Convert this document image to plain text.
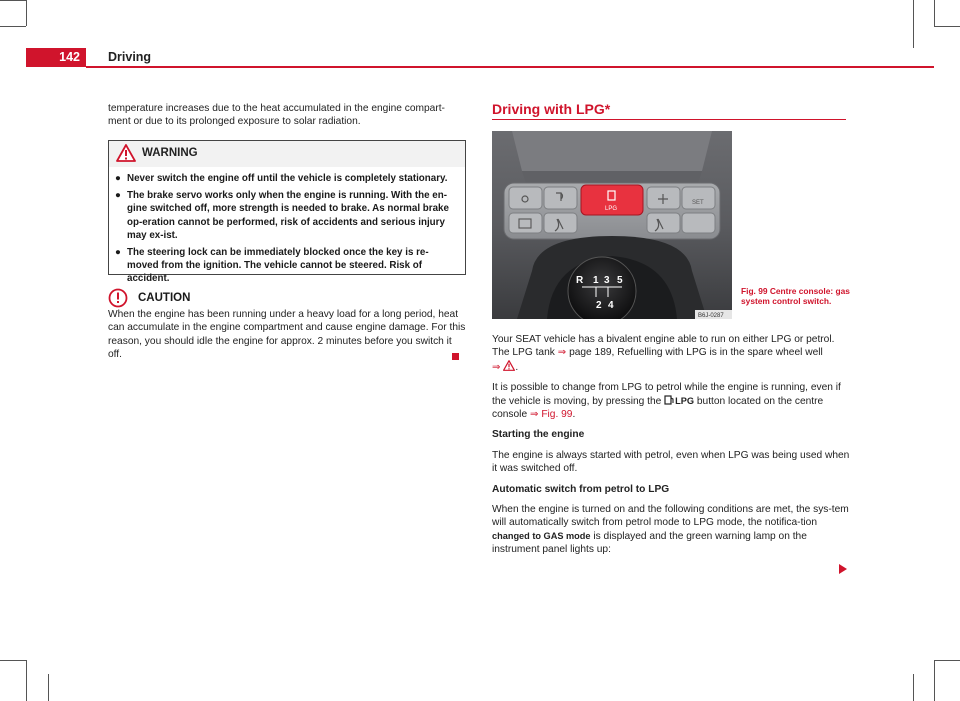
142 Driving

temperature increases due to the heat accumulated in the engine compart-ment or due to its prolonged exposure to solar radiation.

WARNING

● Never switch the engine off until the vehicle is completely stationary.

● The brake servo works only when the engine is running. With the en-gine switched off, more strength is needed to brake. As normal brake op-eration cannot be performed, risk of accidents and serious injury may ex-ist.

● The steering lock can be immediately blocked once the key is re-moved from the ignition. The vehicle cannot be steered. Risk of accident.

CAUTION

When the engine has been running under a heavy load for a long period, heat can accumulate in the engine compartment and cause engine damage. For this reason, you should idle the engine for approx. 2 minutes before you switch it off.

Driving with LPG*
R 1 3 5
2 4
LPG
SET
B6J-0287
Fig. 99 Centre console: gas system control switch.

Your SEAT vehicle has a bivalent engine able to run on either LPG or petrol. The LPG tank ⇒ page 189, Refuelling with LPG is in the spare wheel well
⇒ .

It is possible to change from LPG to petrol while the engine is running, even if the vehicle is moving, by pressing the LPG button located on the centre console ⇒ Fig. 99.

Starting the engine

The engine is always started with petrol, even when LPG was being used when it was switched off.

Automatic switch from petrol to LPG

When the engine is turned on and the following conditions are met, the sys-tem will automatically switch from petrol mode to LPG mode, the notifica-tion changed to GAS mode is displayed and the green warning lamp on the instrument panel lights up:
